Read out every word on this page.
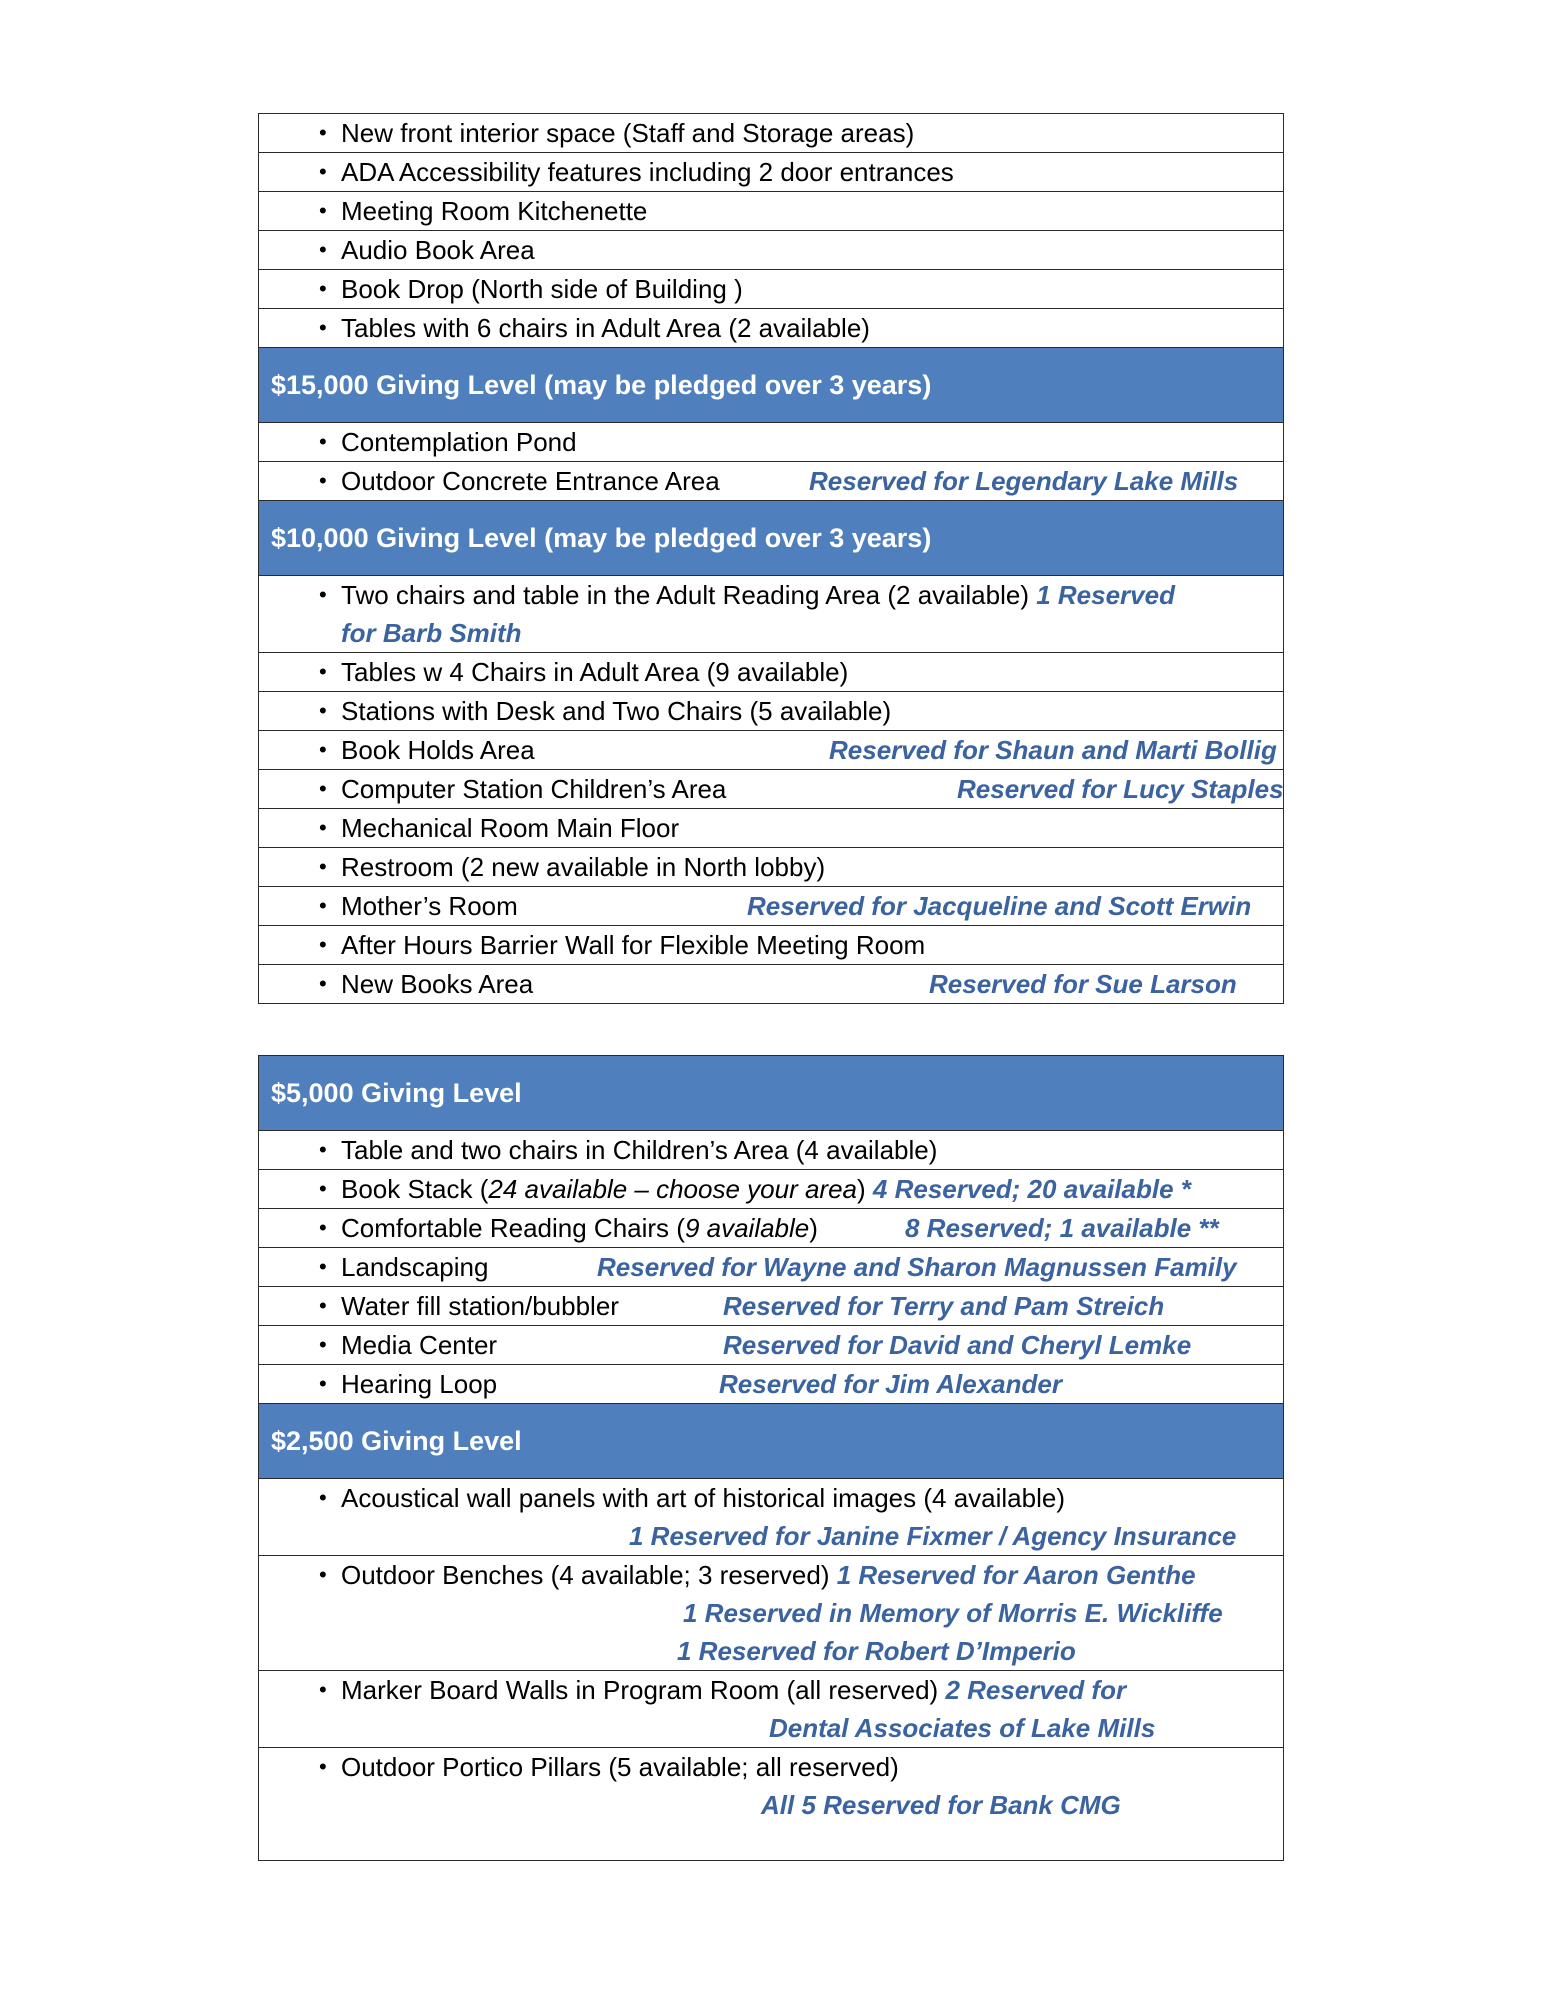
• New front interior space (Staff and Storage areas)

• ADA Accessibility features including 2 door entrances

• Meeting Room Kitchenette

• Audio Book Area

• Book Drop (North side of Building )

• Tables with 6 chairs in Adult Area (2 available)

$15,000 Giving Level (may be pledged over 3 years)

• Contemplation Pond

• Outdoor Concrete Entrance Area	Reserved for Legendary Lake Mills

$10,000 Giving Level (may be pledged over 3 years)

• Two chairs and table in the Adult Reading Area (2 available) 1 Reserved
for Barb Smith

• Tables w 4 Chairs in Adult Area (9 available)

• Stations with Desk and Two Chairs (5 available)

• Book Holds Area	Reserved for Shaun and Marti Bollig

• Computer Station Children’s Area	Reserved for Lucy Staples

• Mechanical Room Main Floor

• Restroom (2 new available in North lobby)

• Mother’s Room	Reserved for Jacqueline and Scott Erwin

• After Hours Barrier Wall for Flexible Meeting Room

• New Books Area	Reserved for Sue Larson
$5,000 Giving Level

• Table and two chairs in Children’s Area (4 available)

• Book Stack (24 available – choose your area) 4 Reserved; 20 available *

• Comfortable Reading Chairs (9 available)	8 Reserved; 1 available **

• Landscaping	Reserved for Wayne and Sharon Magnussen Family

• Water fill station/bubbler	Reserved for Terry and Pam Streich

• Media Center	Reserved for David and Cheryl Lemke

• Hearing Loop	Reserved for Jim Alexander

$2,500 Giving Level

• Acoustical wall panels with art of historical images (4 available)
1 Reserved for Janine Fixmer / Agency Insurance

• Outdoor Benches (4 available; 3 reserved) 1 Reserved for Aaron Genthe
1 Reserved in Memory of Morris E. Wickliffe
1 Reserved for Robert D’Imperio

• Marker Board Walls in Program Room (all reserved) 2 Reserved for
Dental Associates of Lake Mills

• Outdoor Portico Pillars (5 available; all reserved)
All 5 Reserved for Bank CMG
